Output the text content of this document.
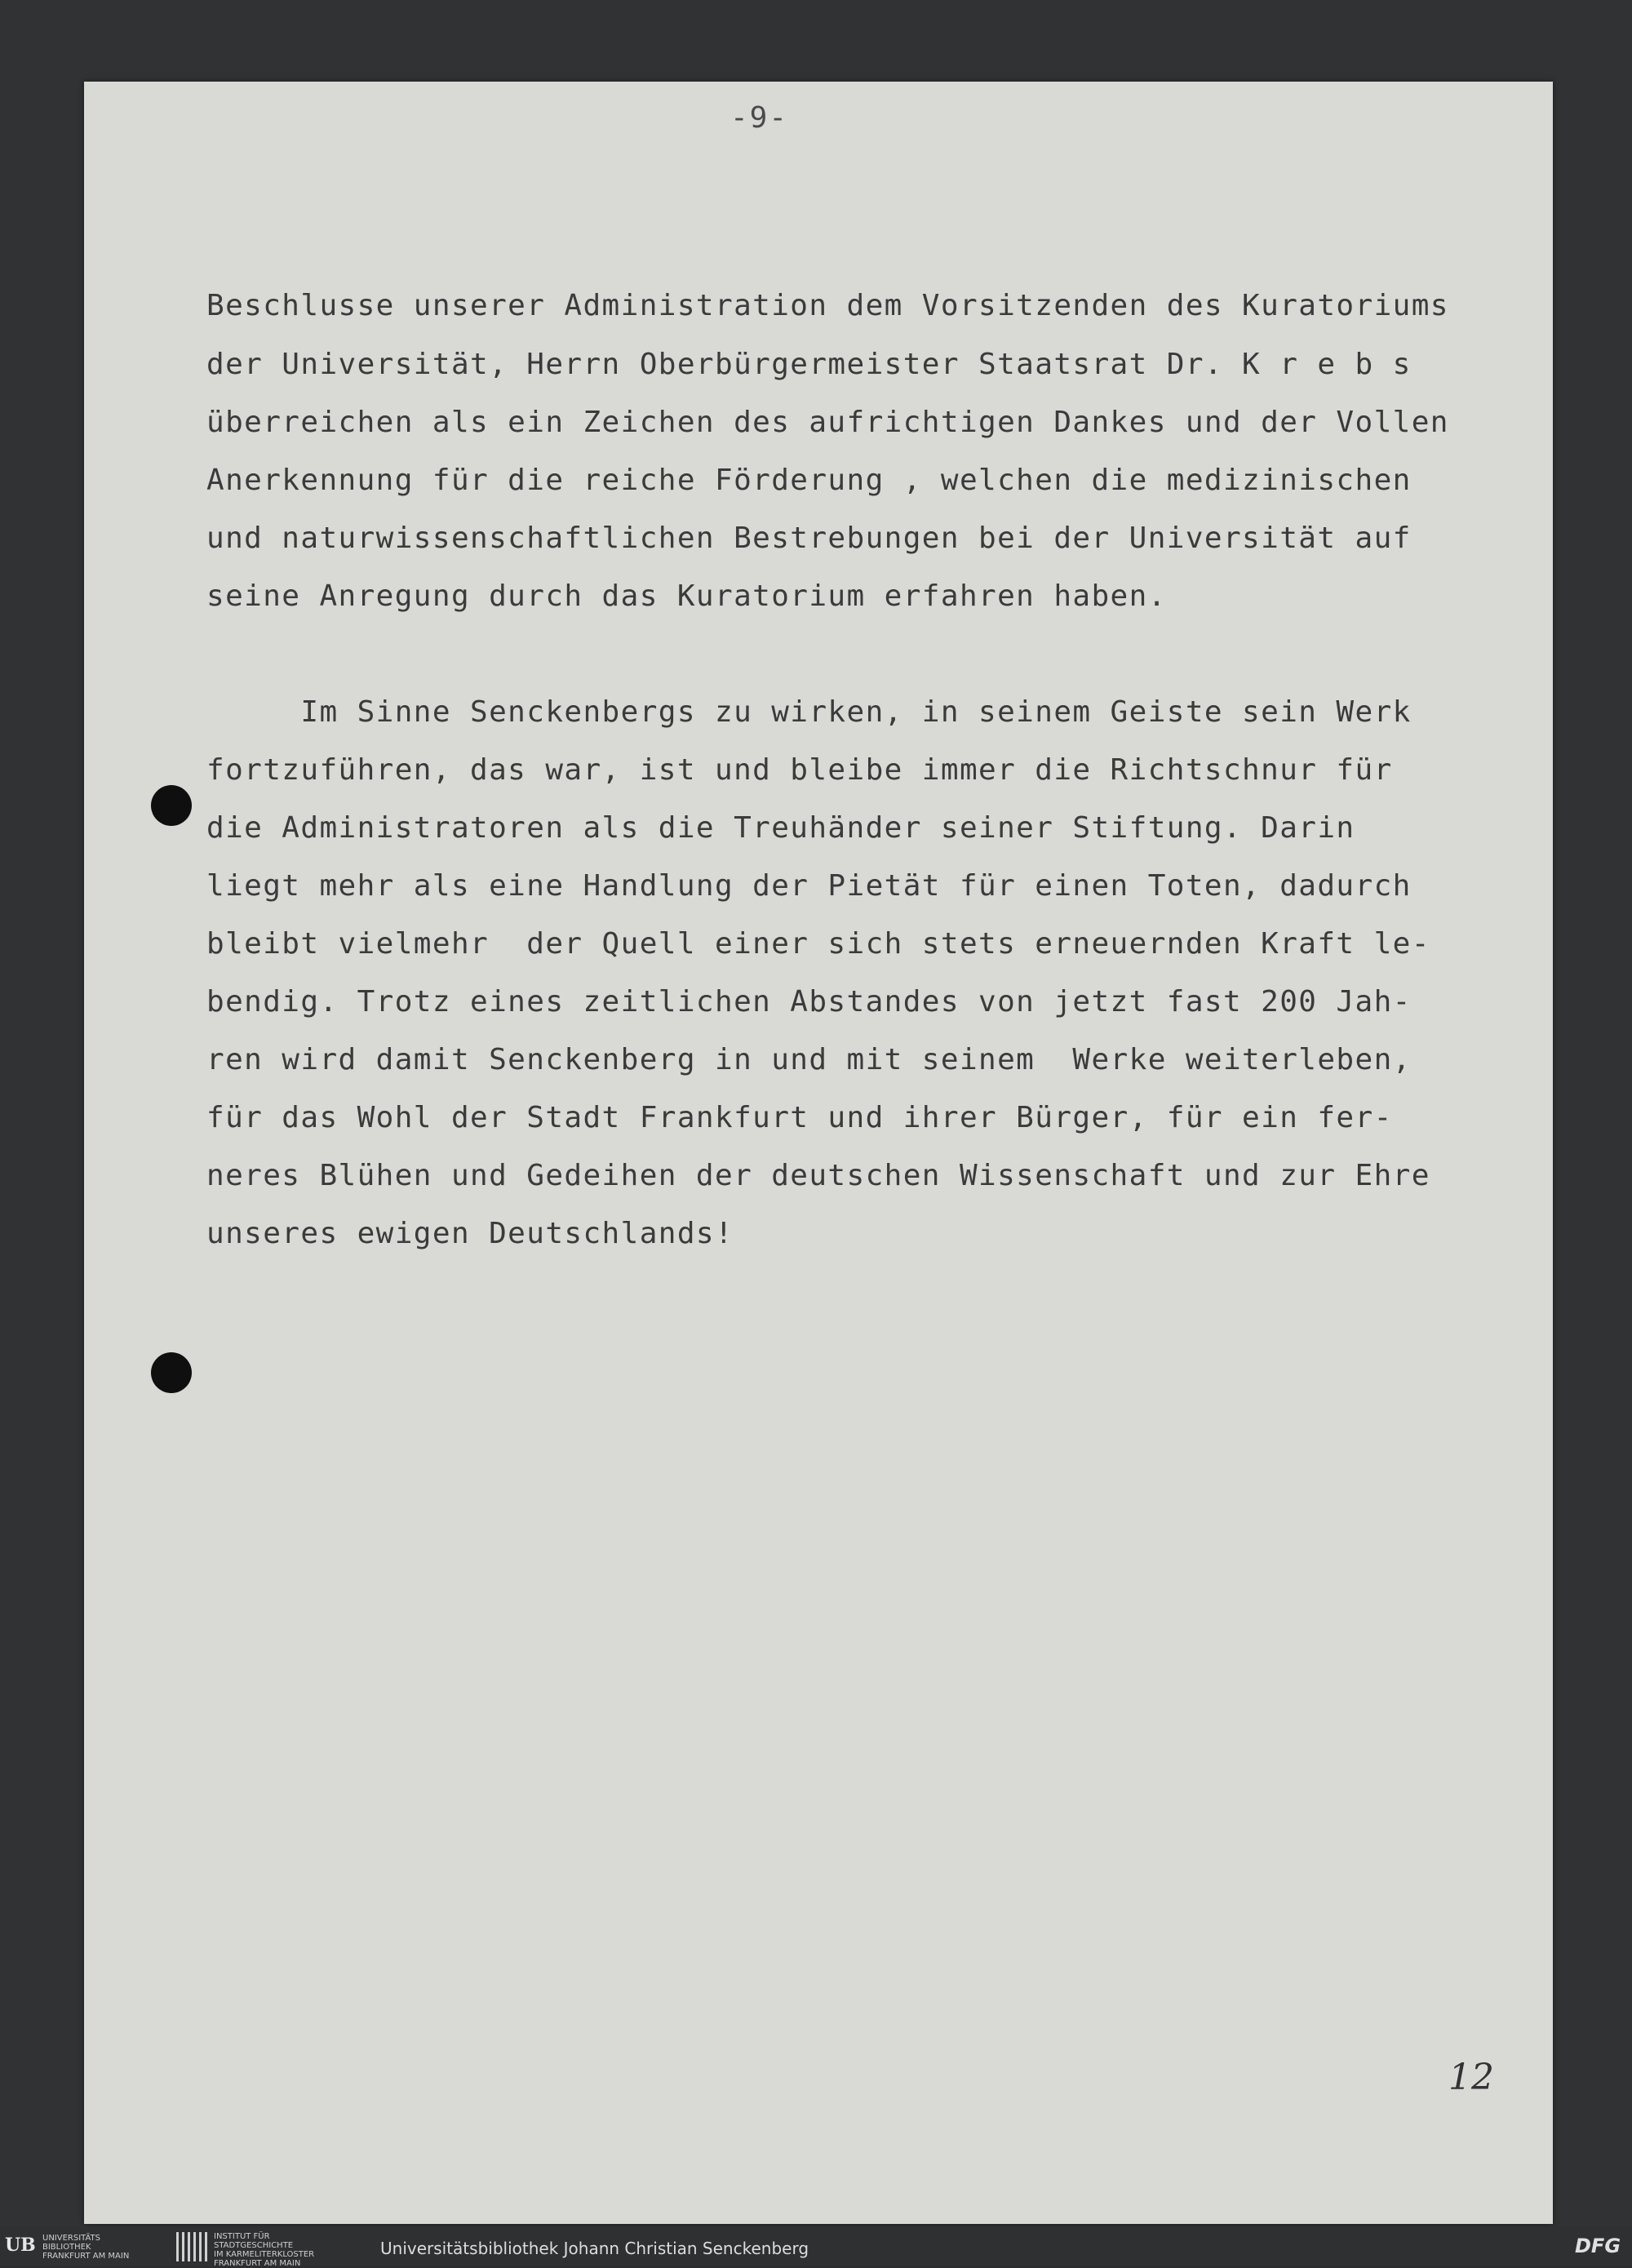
-9-
Beschlusse unserer Administration dem Vorsitzenden des Kuratoriums
der Universität, Herrn Oberbürgermeister Staatsrat Dr. K r e b s
überreichen als ein Zeichen des aufrichtigen Dankes und der Vollen
Anerkennung für die reiche Förderung , welchen die medizinischen
und naturwissenschaftlichen Bestrebungen bei der Universität auf
seine Anregung durch das Kuratorium erfahren haben.
Im Sinne Senckenbergs zu wirken, in seinem Geiste sein Werk
fortzuführen, das war, ist und bleibe immer die Richtschnur für
die Administratoren als die Treuhänder seiner Stiftung. Darin
liegt mehr als eine Handlung der Pietät für einen Toten, dadurch
bleibt vielmehr  der Quell einer sich stets erneuernden Kraft le-
bendig. Trotz eines zeitlichen Abstandes von jetzt fast 200 Jah-
ren wird damit Senckenberg in und mit seinem  Werke weiterleben,
für das Wohl der Stadt Frankfurt und ihrer Bürger, für ein fer-
neres Blühen und Gedeihen der deutschen Wissenschaft und zur Ehre
unseres ewigen Deutschlands!
12
UB UNIVERSITÄTS
BIBLIOTHEK
FRANKFURT AM MAIN
INSTITUT FÜR
STADTGESCHICHTE
IM KARMELITERKLOSTER
FRANKFURT AM MAIN
Universitätsbibliothek Johann Christian Senckenberg	DFG
